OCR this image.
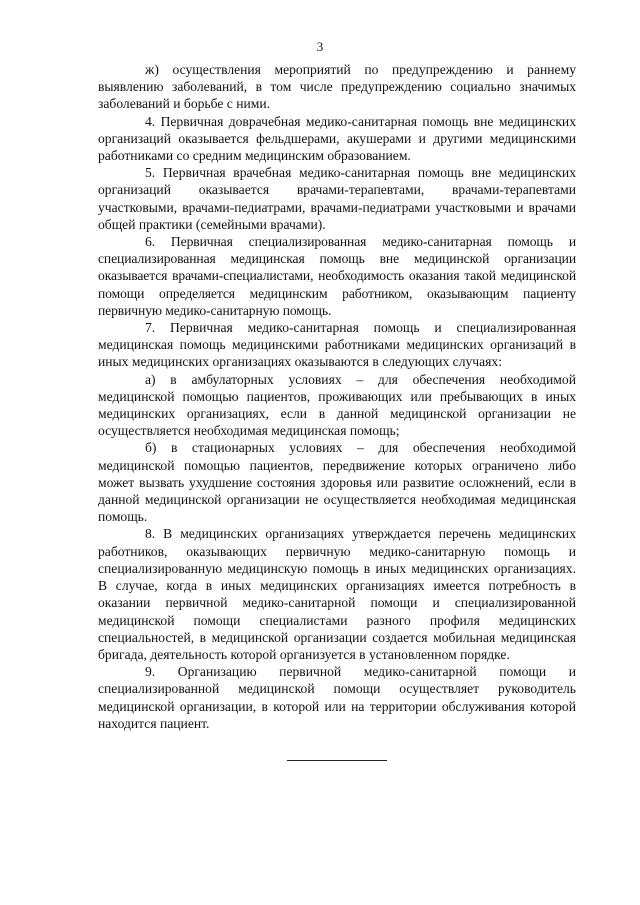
3

ж) осуществления мероприятий по предупреждению и раннему выявлению заболеваний, в том числе предупреждению социально значимых заболеваний и борьбе с ними.

4. Первичная доврачебная медико-санитарная помощь вне медицинских организаций оказывается фельдшерами, акушерами и другими медицинскими работниками со средним медицинским образованием.

5. Первичная врачебная медико-санитарная помощь вне медицинских организаций оказывается врачами-терапевтами, врачами-терапевтами участковыми, врачами-педиатрами, врачами-педиатрами участковыми и врачами общей практики (семейными врачами).

6. Первичная специализированная медико-санитарная помощь и специализированная медицинская помощь вне медицинской организации оказывается врачами-специалистами, необходимость оказания такой медицинской помощи определяется медицинским работником, оказывающим пациенту первичную медико-санитарную помощь.

7. Первичная медико-санитарная помощь и специализированная медицинская помощь медицинскими работниками медицинских организаций в иных медицинских организациях оказываются в следующих случаях:

а) в амбулаторных условиях – для обеспечения необходимой медицинской помощью пациентов, проживающих или пребывающих в иных медицинских организациях, если в данной медицинской организации не осуществляется необходимая медицинская помощь;

б) в стационарных условиях – для обеспечения необходимой медицинской помощью пациентов, передвижение которых ограничено либо может вызвать ухудшение состояния здоровья или развитие осложнений, если в данной медицинской организации не осуществляется необходимая медицинская помощь.

8. В медицинских организациях утверждается перечень медицинских работников, оказывающих первичную медико-санитарную помощь и специализированную медицинскую помощь в иных медицинских организациях. В случае, когда в иных медицинских организациях имеется потребность в оказании первичной медико-санитарной помощи и специализированной медицинской помощи специалистами разного профиля медицинских специальностей, в медицинской организации создается мобильная медицинская бригада, деятельность которой организуется в установленном порядке.

9. Организацию первичной медико-санитарной помощи и специализированной медицинской помощи осуществляет руководитель медицинской организации, в которой или на территории обслуживания которой находится пациент.
